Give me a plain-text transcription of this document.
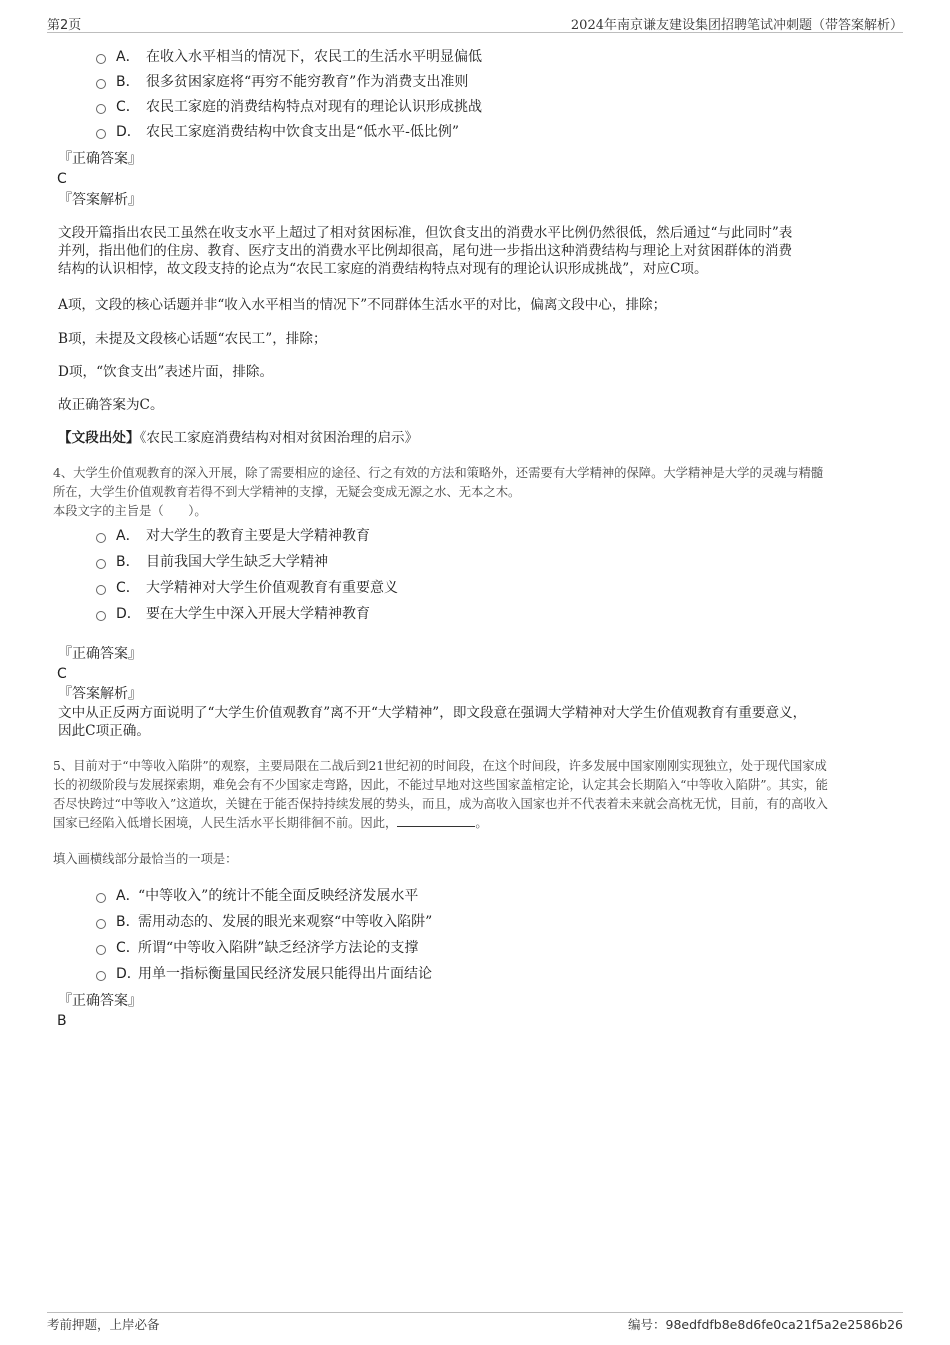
第2页	2024年南京谦友建设集团招聘笔试冲刺题（带答案解析）
A． 在收入水平相当的情况下，农民工的生活水平明显偏低
B． 很多贫困家庭将“再穷不能穷教育”作为消费支出准则
C． 农民工家庭的消费结构特点对现有的理论认识形成挑战
D． 农民工家庭消费结构中饮食支出是“低水平-低比例”
『正确答案』
C
『答案解析』
文段开篇指出农民工虽然在收支水平上超过了相对贫困标准，但饮食支出的消费水平比例仍然很低，然后通过“与此同时”表
并列，指出他们的住房、教育、医疗支出的消费水平比例却很高，尾句进一步指出这种消费结构与理论上对贫困群体的消费
结构的认识相悖，故文段支持的论点为“农民工家庭的消费结构特点对现有的理论认识形成挑战”，对应C项。
A项，文段的核心话题并非“收入水平相当的情况下”不同群体生活水平的对比，偏离文段中心，排除；
B项，未提及文段核心话题“农民工”，排除；
D项，“饮食支出”表述片面，排除。
故正确答案为C。
【文段出处】《农民工家庭消费结构对相对贫困治理的启示》
4、大学生价值观教育的深入开展，除了需要相应的途径、行之有效的方法和策略外，还需要有大学精神的保障。大学精神是大学的灵魂与精髓
所在，大学生价值观教育若得不到大学精神的支撑，无疑会变成无源之水、无本之木。
本段文字的主旨是（　　）。
A． 对大学生的教育主要是大学精神教育
B． 目前我国大学生缺乏大学精神
C． 大学精神对大学生价值观教育有重要意义
D． 要在大学生中深入开展大学精神教育
『正确答案』
C
『答案解析』
文中从正反两方面说明了“大学生价值观教育”离不开“大学精神”，即文段意在强调大学精神对大学生价值观教育有重要意义，
因此C项正确。
5、目前对于“中等收入陷阱”的观察，主要局限在二战后到21世纪初的时间段，在这个时间段，许多发展中国家刚刚实现独立，处于现代国家成
长的初级阶段与发展探索期，难免会有不少国家走弯路，因此，不能过早地对这些国家盖棺定论，认定其会长期陷入“中等收入陷阱”。其实，能
否尽快跨过“中等收入”这道坎，关键在于能否保持持续发展的势头，而且，成为高收入国家也并不代表着未来就会高枕无忧，目前，有的高收入
国家已经陷入低增长困境，人民生活水平长期徘徊不前。因此，	。
填入画横线部分最恰当的一项是：
A．“中等收入”的统计不能全面反映经济发展水平
B．需用动态的、发展的眼光来观察“中等收入陷阱”
C．所谓“中等收入陷阱”缺乏经济学方法论的支撑
D．用单一指标衡量国民经济发展只能得出片面结论
『正确答案』
B
考前押题，上岸必备	编号：98edfdfb8e8d6fe0ca21f5a2e2586b26
